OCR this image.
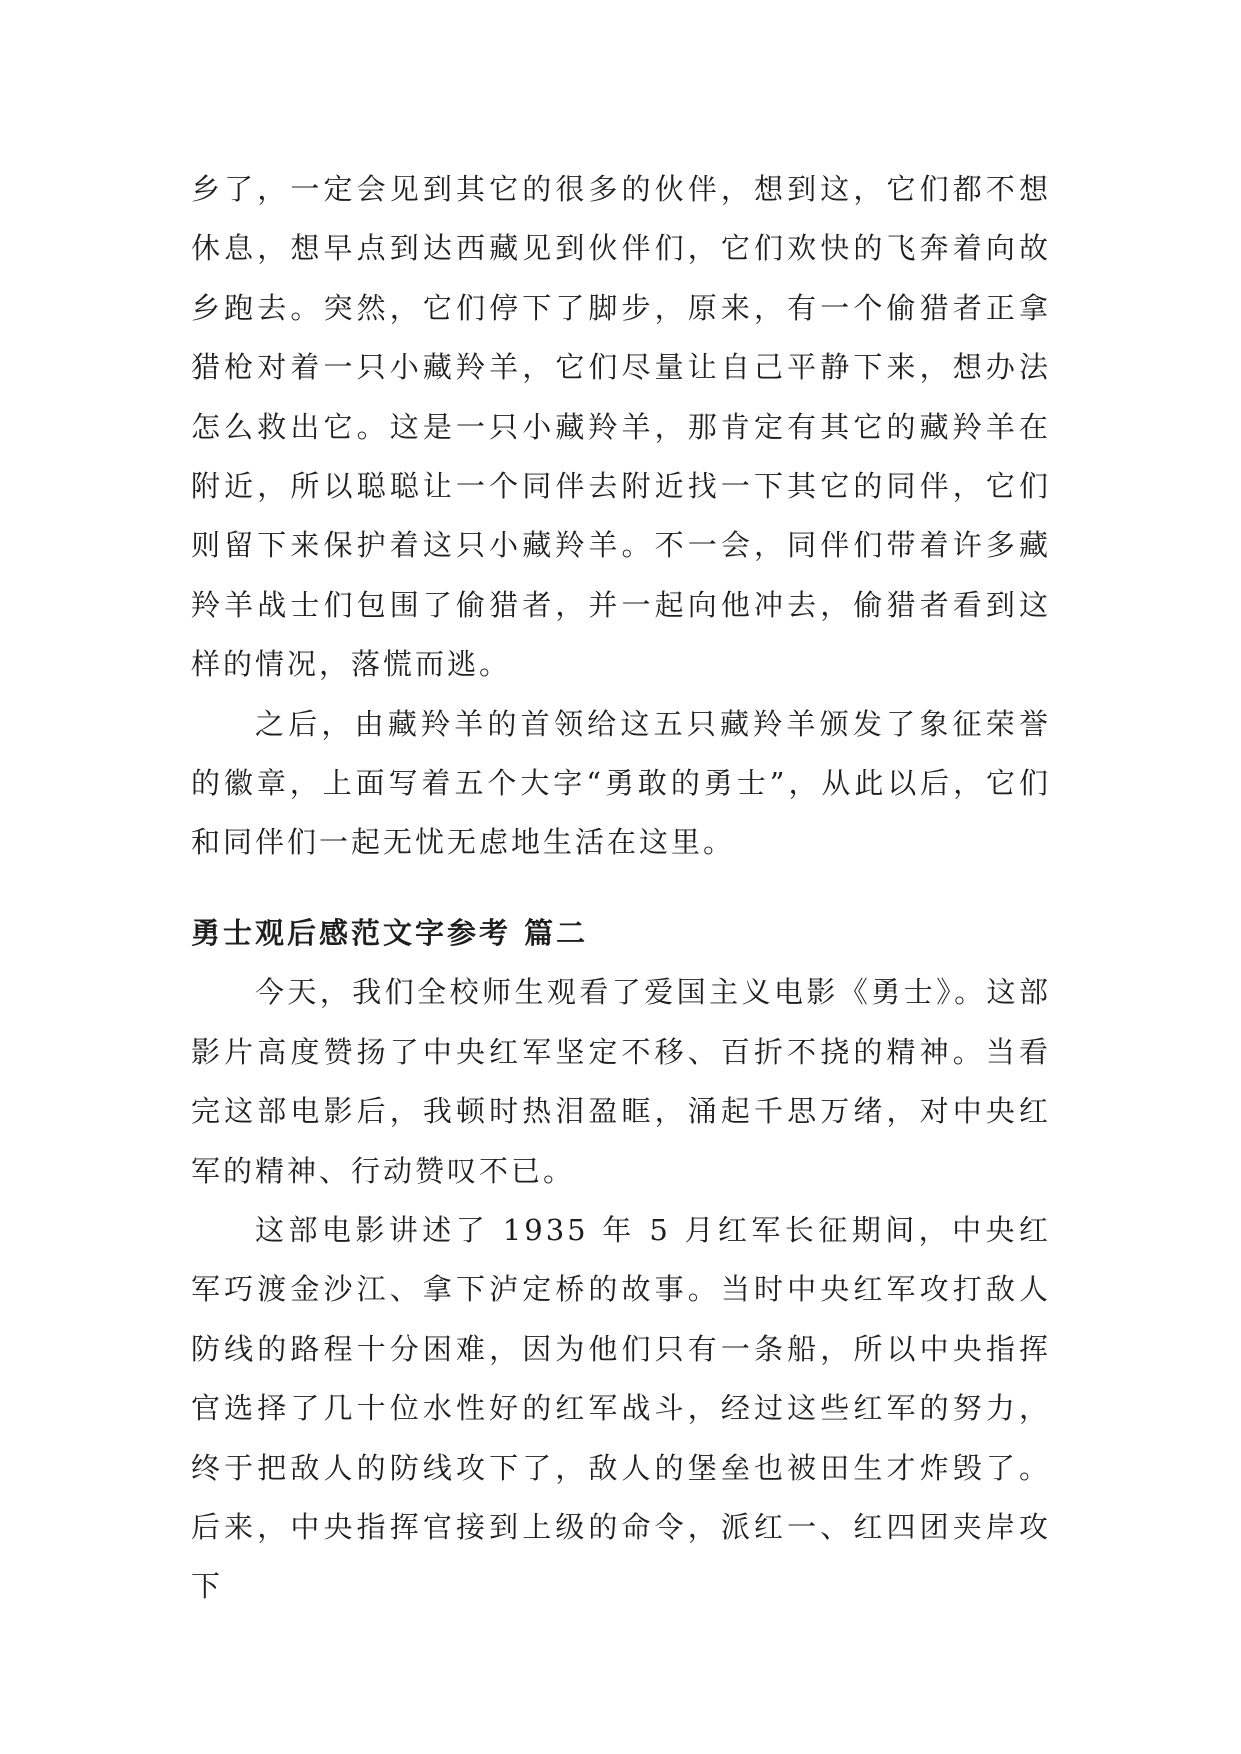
乡了，一定会见到其它的很多的伙伴，想到这，它们都不想休息，想早点到达西藏见到伙伴们，它们欢快的飞奔着向故乡跑去。突然，它们停下了脚步，原来，有一个偷猎者正拿猎枪对着一只小藏羚羊，它们尽量让自己平静下来，想办法怎么救出它。这是一只小藏羚羊，那肯定有其它的藏羚羊在附近，所以聪聪让一个同伴去附近找一下其它的同伴，它们则留下来保护着这只小藏羚羊。不一会，同伴们带着许多藏羚羊战士们包围了偷猎者，并一起向他冲去，偷猎者看到这样的情况，落慌而逃。

之后，由藏羚羊的首领给这五只藏羚羊颁发了象征荣誉的徽章，上面写着五个大字“勇敢的勇士”，从此以后，它们和同伴们一起无忧无虑地生活在这里。

勇士观后感范文字参考 篇二

今天，我们全校师生观看了爱国主义电影《勇士》。这部影片高度赞扬了中央红军坚定不移、百折不挠的精神。当看完这部电影后，我顿时热泪盈眶，涌起千思万绪，对中央红军的精神、行动赞叹不已。

这部电影讲述了 1935 年 5 月红军长征期间，中央红军巧渡金沙江、拿下泸定桥的故事。当时中央红军攻打敌人防线的路程十分困难，因为他们只有一条船，所以中央指挥官选择了几十位水性好的红军战斗，经过这些红军的努力，终于把敌人的防线攻下了，敌人的堡垒也被田生才炸毁了。后来，中央指挥官接到上级的命令，派红一、红四团夹岸攻下
